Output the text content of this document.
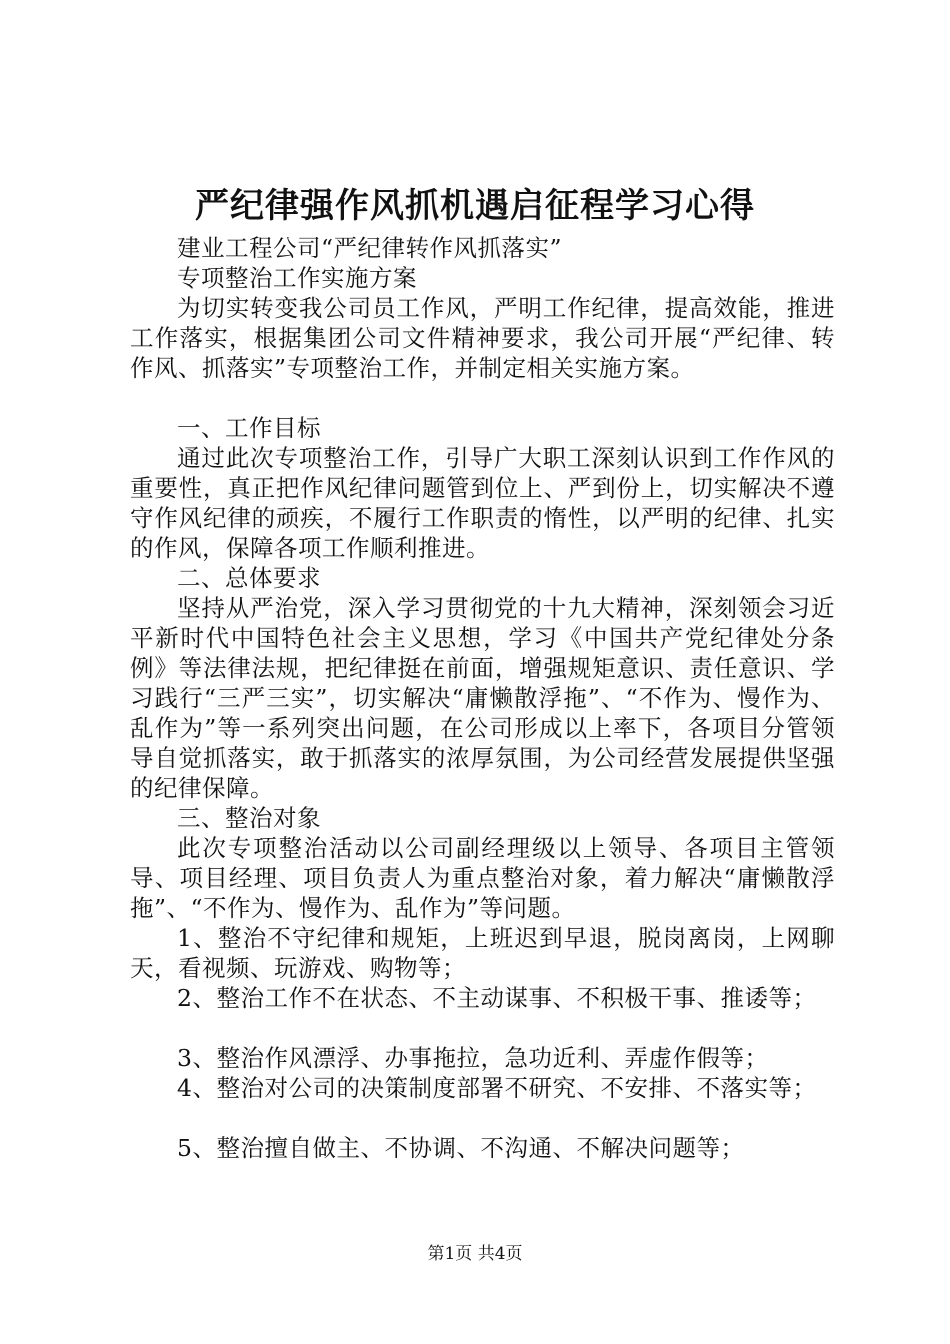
严纪律强作风抓机遇启征程学习心得

建业工程公司“严纪律转作风抓落实”

专项整治工作实施方案

为切实转变我公司员工作风，严明工作纪律，提高效能，推进工作落实，根据集团公司文件精神要求，我公司开展“严纪律、转作风、抓落实”专项整治工作，并制定相关实施方案。

一、工作目标

通过此次专项整治工作，引导广大职工深刻认识到工作作风的重要性，真正把作风纪律问题管到位上、严到份上，切实解决不遵守作风纪律的顽疾，不履行工作职责的惰性，以严明的纪律、扎实的作风，保障各项工作顺利推进。

二、总体要求

坚持从严治党，深入学习贯彻党的十九大精神，深刻领会习近平新时代中国特色社会主义思想，学习《中国共产党纪律处分条例》等法律法规，把纪律挺在前面，增强规矩意识、责任意识、学习践行“三严三实”，切实解决“庸懒散浮拖”、“不作为、慢作为、乱作为”等一系列突出问题，在公司形成以上率下，各项目分管领导自觉抓落实，敢于抓落实的浓厚氛围，为公司经营发展提供坚强的纪律保障。

三、整治对象

此次专项整治活动以公司副经理级以上领导、各项目主管领导、项目经理、项目负责人为重点整治对象，着力解决“庸懒散浮拖”、“不作为、慢作为、乱作为”等问题。

1、整治不守纪律和规矩，上班迟到早退，脱岗离岗，上网聊天，看视频、玩游戏、购物等；

2、整治工作不在状态、不主动谋事、不积极干事、推诿等；

3、整治作风漂浮、办事拖拉，急功近利、弄虚作假等；

4、整治对公司的决策制度部署不研究、不安排、不落实等；

5、整治擅自做主、不协调、不沟通、不解决问题等；

第1页 共4页
